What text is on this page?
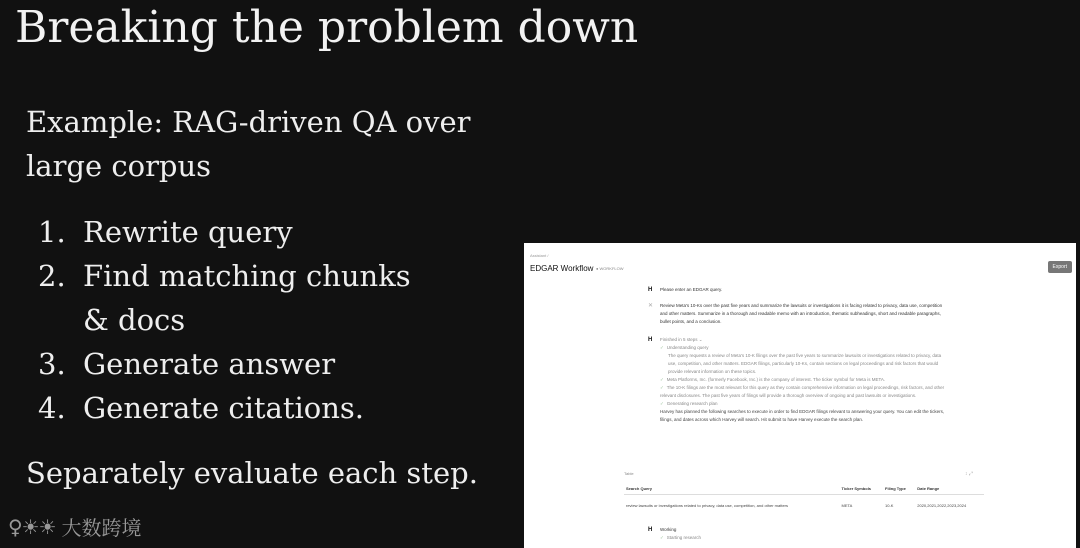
Breaking the problem down
Example: RAG-driven QA over
large corpus
1. Rewrite query
2. Find matching chunks & docs
3. Generate answer
4. Generate citations.
Separately evaluate each step.
♀☀☀ 大数跨境
Assistant /
EDGAR Workflow ● WORKFLOW	Export
H Please enter an EDGAR query.
✕ Review Meta's 10-Ks over the past five years and summarize the lawsuits or investigations it is facing related to privacy, data use, competition and other matters. Summarize in a thorough and readable memo with an introduction, thematic subheadings, short and readable paragraphs, bullet points, and a conclusion.
H Finished in 5 steps ⌄
✓ Understanding query
The query requests a review of Meta's 10-K filings over the past five years to summarize lawsuits or investigations related to privacy, data use, competition, and other matters. EDGAR filings, particularly 10-Ks, contain sections on legal proceedings and risk factors that would provide relevant information on these topics.
✓ Meta Platforms, Inc. (formerly Facebook, Inc.) is the company of interest. The ticker symbol for Meta is META.
✓ The 10-K filings are the most relevant for this query as they contain comprehensive information on legal proceedings, risk factors, and other relevant disclosures. The past five years of filings will provide a thorough overview of ongoing and past lawsuits or investigations.
✓ Generating research plan
Harvey has planned the following searches to execute in order to find EDGAR filings relevant to answering your query. You can edit the tickers, filings, and dates across which Harvey will search. Hit submit to have Harvey execute the search plan.
Table	↕ ⤢
Search Query	Ticker Symbols	Filing Type	Date Range
review lawsuits or investigations related to privacy, data use, competition, and other matters	META	10-K	2020,2021,2022,2023,2024
H Working
✓ Starting research
